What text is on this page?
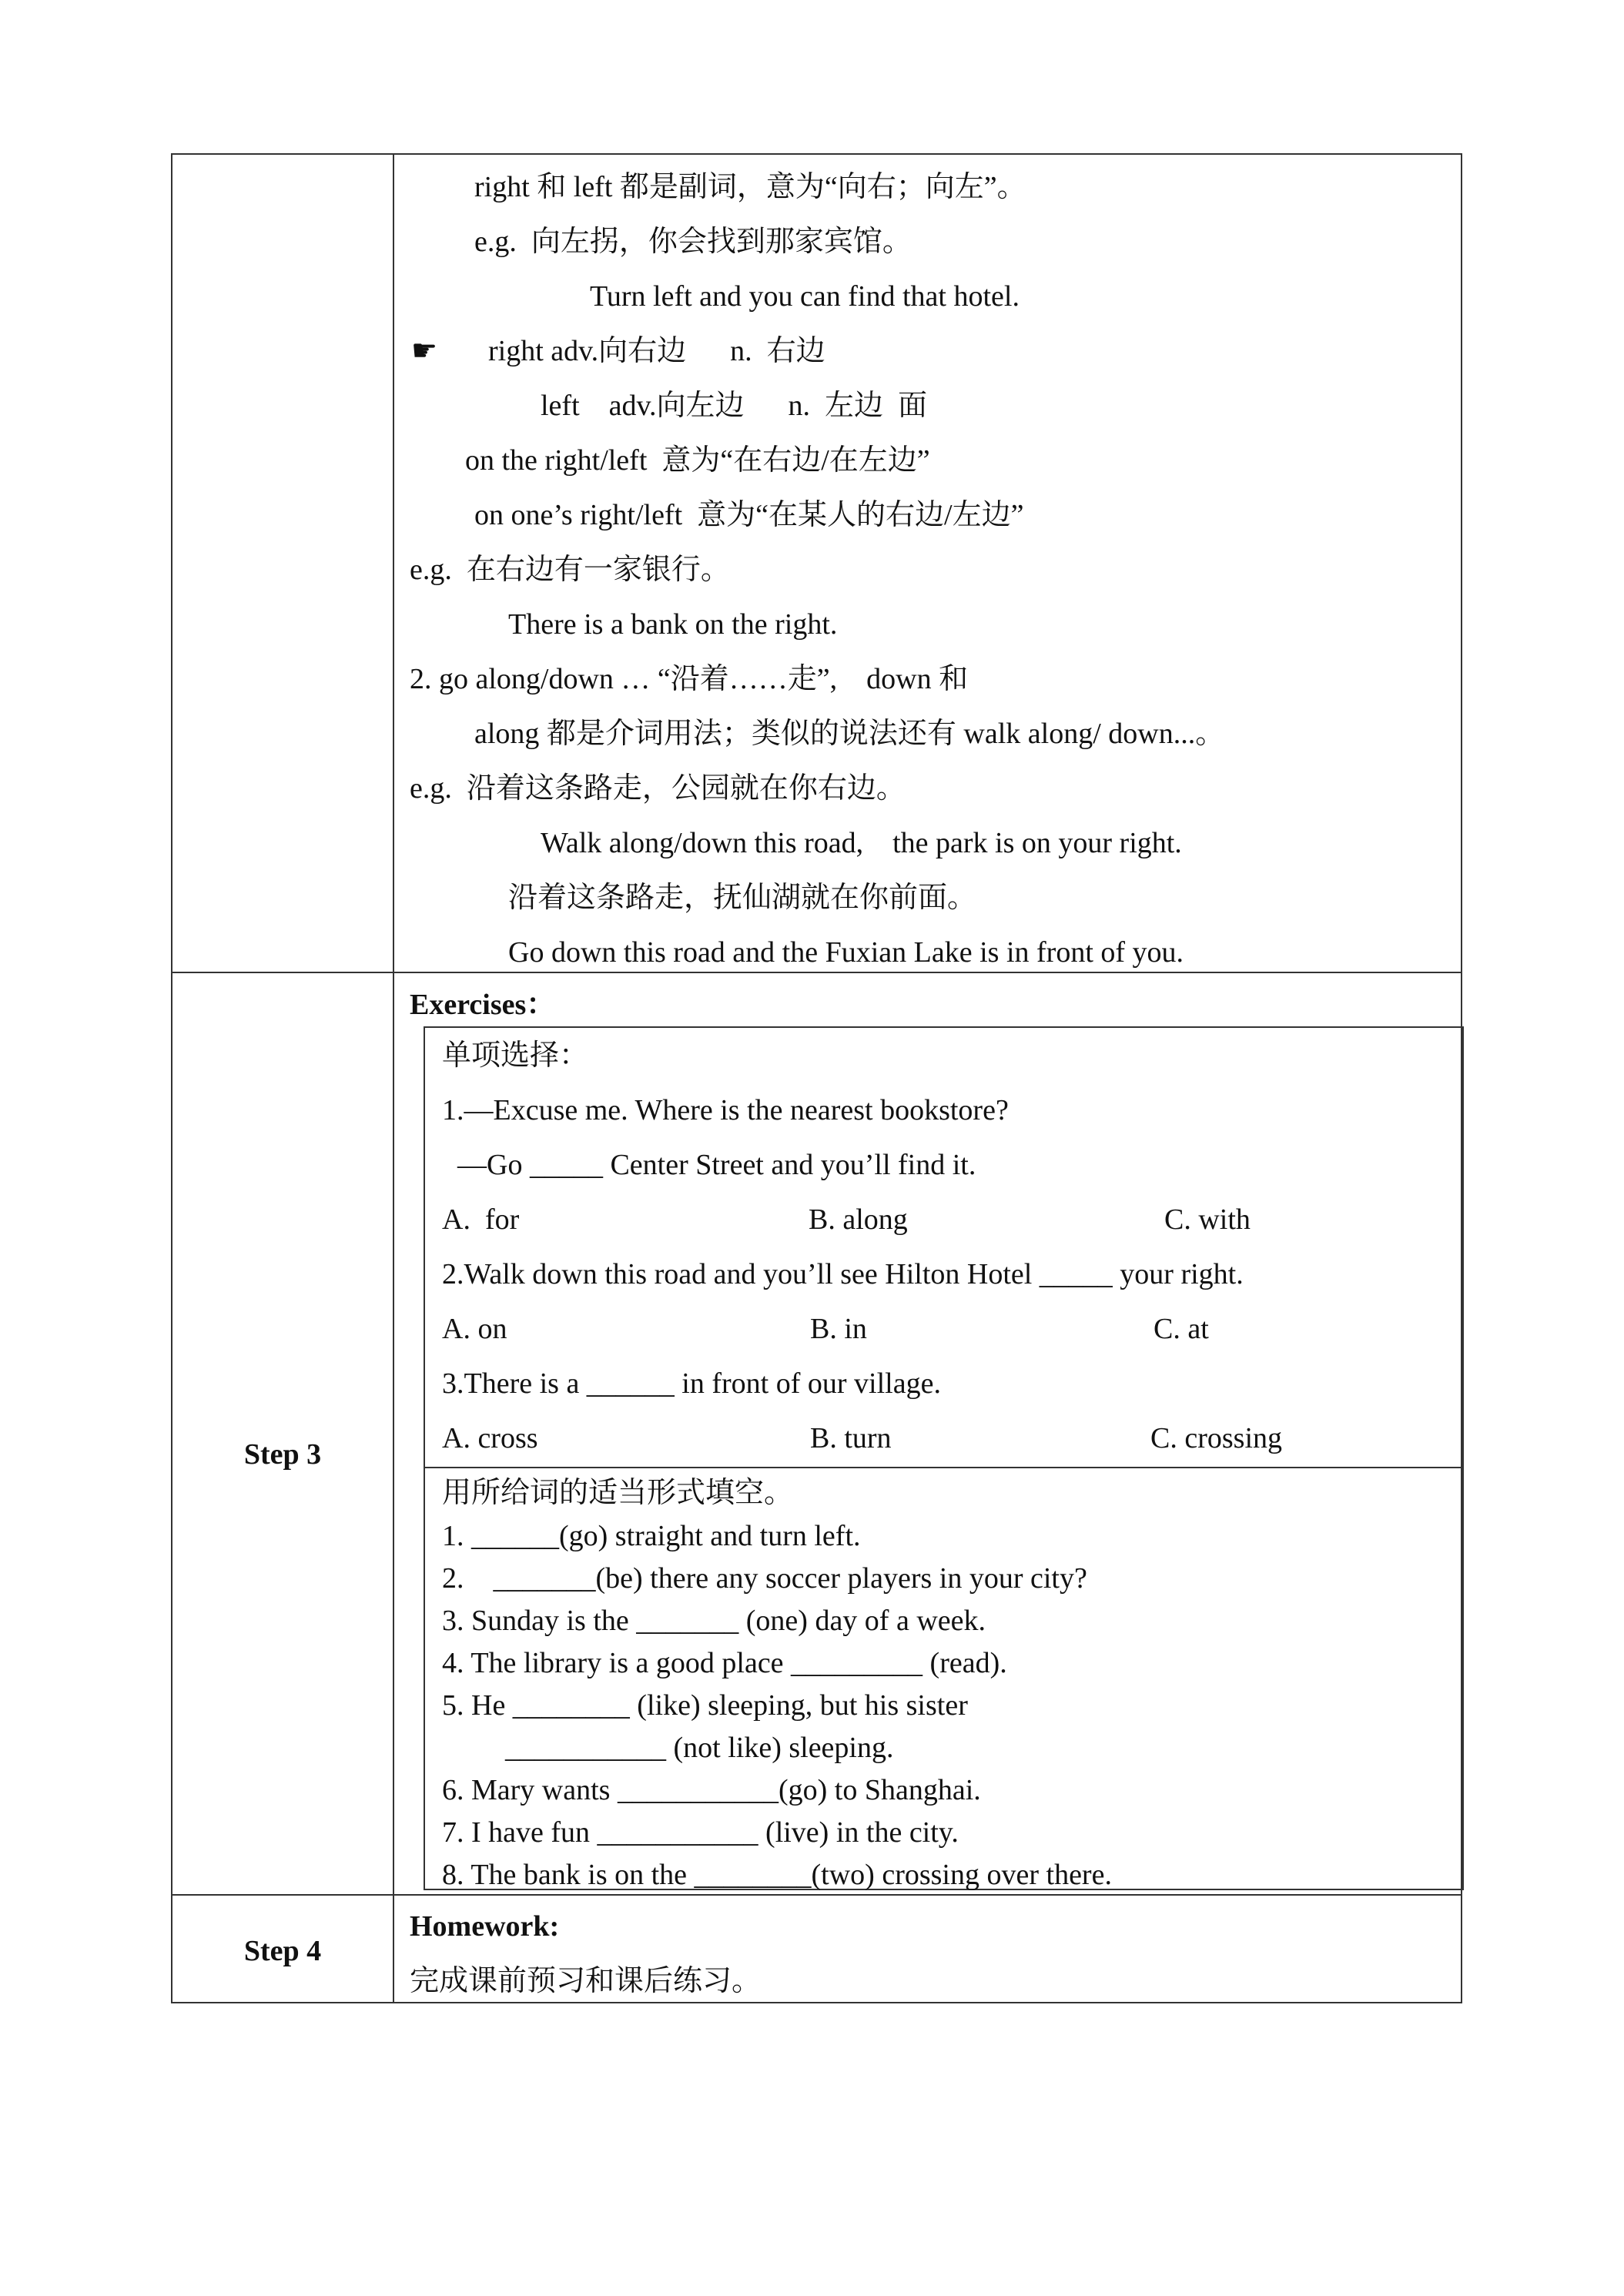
right 和 left 都是副词，意为“向右；向左”。
e.g.  向左拐，你会找到那家宾馆。
Turn left and you can find that hotel.
☛ right adv.向右边      n.  右边
left    adv.向左边      n.  左边  面
on the right/left  意为“在右边/在左边”
on one’s right/left  意为“在某人的右边/左边”
e.g.  在右边有一家银行。
There is a bank on the right.
2. go along/down … “沿着……走”,    down 和
along 都是介词用法；类似的说法还有 walk along/ down...。
e.g.  沿着这条路走，公园就在你右边。
Walk along/down this road,    the park is on your right.
沿着这条路走，抚仙湖就在你前面。
Go down this road and the Fuxian Lake is in front of you.
Step 3
Exercises：
单项选择：
1.—Excuse me. Where is the nearest bookstore?
—Go _____ Center Street and you’ll find it.
A.  for	B. along	C. with
2.Walk down this road and you’ll see Hilton Hotel _____ your right.
A. on	B. in	C. at
3.There is a ______ in front of our village.
A. cross	B. turn	C. crossing
用所给词的适当形式填空。
1. ______(go) straight and turn left.
2.    _______(be) there any soccer players in your city?
3. Sunday is the _______ (one) day of a week.
4. The library is a good place _________ (read).
5. He ________ (like) sleeping, but his sister
___________ (not like) sleeping.
6. Mary wants ___________(go) to Shanghai.
7. I have fun ___________ (live) in the city.
8. The bank is on the ________(two) crossing over there.
Step 4
Homework:
完成课前预习和课后练习。
